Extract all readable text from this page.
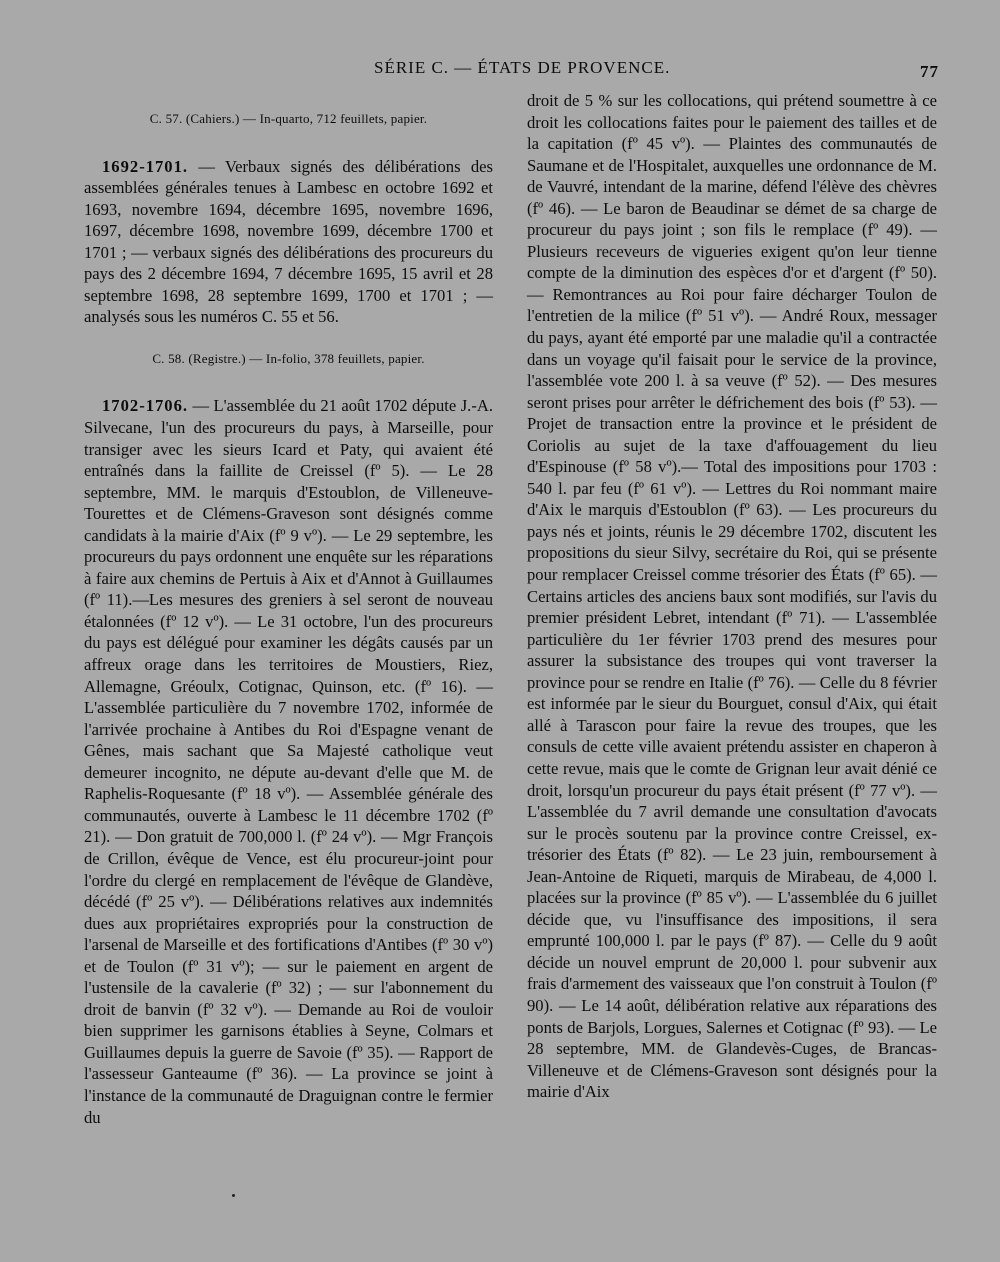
SÉRIE C. — ÉTATS DE PROVENCE.	77
C. 57. (Cahiers.) — In-quarto, 712 feuillets, papier.

1692-1701. — Verbaux signés des délibérations des assemblées générales tenues à Lambesc en octobre 1692 et 1693, novembre 1694, décembre 1695, novembre 1696, 1697, décembre 1698, novembre 1699, décembre 1700 et 1701 ; — verbaux signés des délibérations des procureurs du pays des 2 décembre 1694, 7 décembre 1695, 15 avril et 28 septembre 1698, 28 septembre 1699, 1700 et 1701 ; — analysés sous les numéros C. 55 et 56.

C. 58. (Registre.) — In-folio, 378 feuillets, papier.

1702-1706. — L'assemblée du 21 août 1702 députe J.-A. Silvecane, l'un des procureurs du pays, à Marseille, pour transiger avec les sieurs Icard et Paty, qui avaient été entraînés dans la faillite de Creissel (fº 5). — Le 28 septembre, MM. le marquis d'Estoublon, de Villeneuve-Tourettes et de Clémens-Graveson sont désignés comme candidats à la mairie d'Aix (fº 9 vº). — Le 29 septembre, les procureurs du pays ordonnent une enquête sur les réparations à faire aux chemins de Pertuis à Aix et d'Annot à Guillaumes (fº 11).—Les mesures des greniers à sel seront de nouveau étalonnées (fº 12 vº). — Le 31 octobre, l'un des procureurs du pays est délégué pour examiner les dégâts causés par un affreux orage dans les territoires de Moustiers, Riez, Allemagne, Gréoulx, Cotignac, Quinson, etc. (fº 16). — L'assemblée particulière du 7 novembre 1702, informée de l'arrivée prochaine à Antibes du Roi d'Espagne venant de Gênes, mais sachant que Sa Majesté catholique veut demeurer incognito, ne députe au-devant d'elle que M. de Raphelis-Roquesante (fº 18 vº). — Assemblée générale des communautés, ouverte à Lambesc le 11 décembre 1702 (fº 21). — Don gratuit de 700,000 l. (fº 24 vº). — Mgr François de Crillon, évêque de Vence, est élu procureur-joint pour l'ordre du clergé en remplacement de l'évêque de Glandève, décédé (fº 25 vº). — Délibérations relatives aux indemnités dues aux propriétaires expropriés pour la construction de l'arsenal de Marseille et des fortifications d'Antibes (fº 30 vº) et de Toulon (fº 31 vº); — sur le paiement en argent de l'ustensile de la cavalerie (fº 32) ; — sur l'abonnement du droit de banvin (fº 32 vº). — Demande au Roi de vouloir bien supprimer les garnisons établies à Seyne, Colmars et Guillaumes depuis la guerre de Savoie (fº 35). — Rapport de l'assesseur Ganteaume (fº 36). — La province se joint à l'instance de la communauté de Draguignan contre le fermier du

droit de 5 % sur les collocations, qui prétend soumettre à ce droit les collocations faites pour le paiement des tailles et de la capitation (fº 45 vº). — Plaintes des communautés de Saumane et de l'Hospitalet, auxquelles une ordonnance de M. de Vauvré, intendant de la marine, défend l'élève des chèvres (fº 46). — Le baron de Beaudinar se démet de sa charge de procureur du pays joint ; son fils le remplace (fº 49). — Plusieurs receveurs de vigueries exigent qu'on leur tienne compte de la diminution des espèces d'or et d'argent (fº 50).— Remontrances au Roi pour faire décharger Toulon de l'entretien de la milice (fº 51 vº). — André Roux, messager du pays, ayant été emporté par une maladie qu'il a contractée dans un voyage qu'il faisait pour le service de la province, l'assemblée vote 200 l. à sa veuve (fº 52). — Des mesures seront prises pour arrêter le défrichement des bois (fº 53). — Projet de transaction entre la province et le président de Coriolis au sujet de la taxe d'affouagement du lieu d'Espinouse (fº 58 vº).— Total des impositions pour 1703 : 540 l. par feu (fº 61 vº). — Lettres du Roi nommant maire d'Aix le marquis d'Estoublon (fº 63). — Les procureurs du pays nés et joints, réunis le 29 décembre 1702, discutent les propositions du sieur Silvy, secrétaire du Roi, qui se présente pour remplacer Creissel comme trésorier des États (fº 65). — Certains articles des anciens baux sont modifiés, sur l'avis du premier président Lebret, intendant (fº 71). — L'assemblée particulière du 1er février 1703 prend des mesures pour assurer la subsistance des troupes qui vont traverser la province pour se rendre en Italie (fº 76). — Celle du 8 février est informée par le sieur du Bourguet, consul d'Aix, qui était allé à Tarascon pour faire la revue des troupes, que les consuls de cette ville avaient prétendu assister en chaperon à cette revue, mais que le comte de Grignan leur avait dénié ce droit, lorsqu'un procureur du pays était présent (fº 77 vº). — L'assemblée du 7 avril demande une consultation d'avocats sur le procès soutenu par la province contre Creissel, ex-trésorier des États (fº 82). — Le 23 juin, remboursement à Jean-Antoine de Riqueti, marquis de Mirabeau, de 4,000 l. placées sur la province (fº 85 vº). — L'assemblée du 6 juillet décide que, vu l'insuffisance des impositions, il sera emprunté 100,000 l. par le pays (fº 87). — Celle du 9 août décide un nouvel emprunt de 20,000 l. pour subvenir aux frais d'armement des vaisseaux que l'on construit à Toulon (fº 90). — Le 14 août, délibération relative aux réparations des ponts de Barjols, Lorgues, Salernes et Cotignac (fº 93). — Le 28 septembre, MM. de Glandevès-Cuges, de Brancas-Villeneuve et de Clémens-Graveson sont désignés pour la mairie d'Aix
